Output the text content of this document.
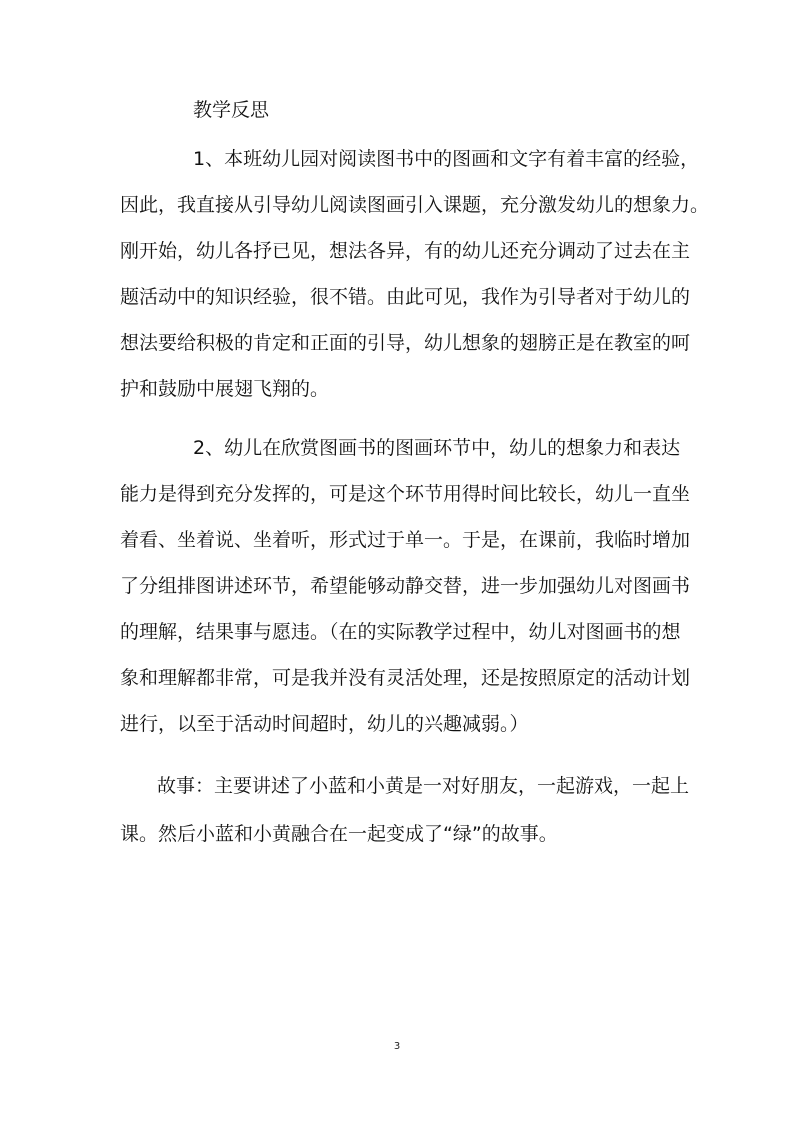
教学反思
1、本班幼儿园对阅读图书中的图画和文字有着丰富的经验，
因此，我直接从引导幼儿阅读图画引入课题，充分激发幼儿的想象力。
刚开始，幼儿各抒已见，想法各异，有的幼儿还充分调动了过去在主
题活动中的知识经验，很不错。由此可见，我作为引导者对于幼儿的
想法要给积极的肯定和正面的引导，幼儿想象的翅膀正是在教室的呵
护和鼓励中展翅飞翔的。
2、幼儿在欣赏图画书的图画环节中，幼儿的想象力和表达
能力是得到充分发挥的，可是这个环节用得时间比较长，幼儿一直坐
着看、坐着说、坐着听，形式过于单一。于是，在课前，我临时增加
了分组排图讲述环节，希望能够动静交替，进一步加强幼儿对图画书
的理解，结果事与愿违。（在的实际教学过程中，幼儿对图画书的想
象和理解都非常，可是我并没有灵活处理，还是按照原定的活动计划
进行，以至于活动时间超时，幼儿的兴趣减弱。）
故事：主要讲述了小蓝和小黄是一对好朋友，一起游戏，一起上
课。然后小蓝和小黄融合在一起变成了“绿”的故事。
3
